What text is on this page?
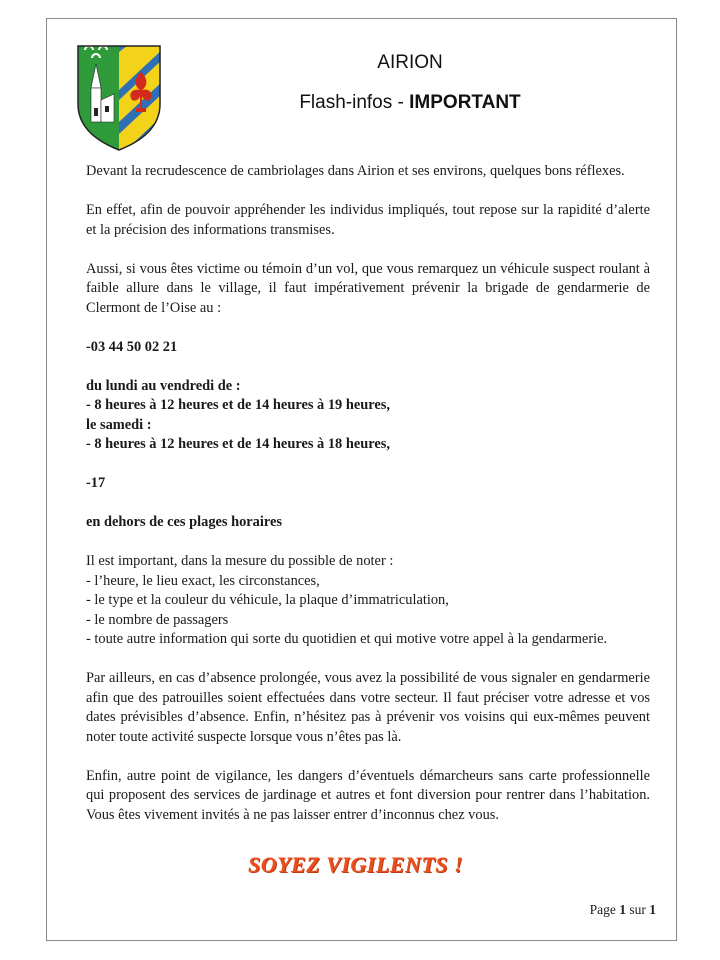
AIRION
Flash-infos - IMPORTANT

Devant la recrudescence de cambriolages dans Airion et ses environs, quelques bons réflexes.

En effet, afin de pouvoir appréhender les individus impliqués, tout repose sur la rapidité d’alerte et la précision des informations transmises.

Aussi, si vous êtes victime ou témoin d’un vol, que vous remarquez un véhicule suspect roulant à faible allure dans le village, il faut impérativement prévenir la brigade de gendarmerie de Clermont de l’Oise au :

-03 44 50 02 21

du lundi au vendredi de :

- 8 heures à 12 heures et de 14 heures à 19 heures,

le samedi :

- 8 heures à 12 heures et de 14 heures à 18 heures,

-17

en dehors de ces plages horaires

Il est important, dans la mesure du possible de noter :

- l’heure, le lieu exact, les circonstances,

- le type et la couleur du véhicule, la plaque d’immatriculation,

- le nombre de passagers

- toute autre information qui sorte du quotidien et qui motive votre appel à la gendarmerie.

Par ailleurs, en cas d’absence prolongée, vous avez la possibilité de vous signaler en gendarmerie afin que des patrouilles soient effectuées dans votre secteur. Il faut préciser votre adresse et vos dates prévisibles d’absence. Enfin, n’hésitez pas à prévenir vos voisins qui eux-mêmes peuvent noter toute activité suspecte lorsque vous n’êtes pas là.

Enfin, autre point de vigilance, les dangers d’éventuels démarcheurs sans carte professionnelle qui proposent des services de jardinage et autres et font diversion pour rentrer dans l’habitation. Vous êtes vivement invités à ne pas laisser entrer d’inconnus chez vous.

SOYEZ VIGILENTS !
Page 1 sur 1
